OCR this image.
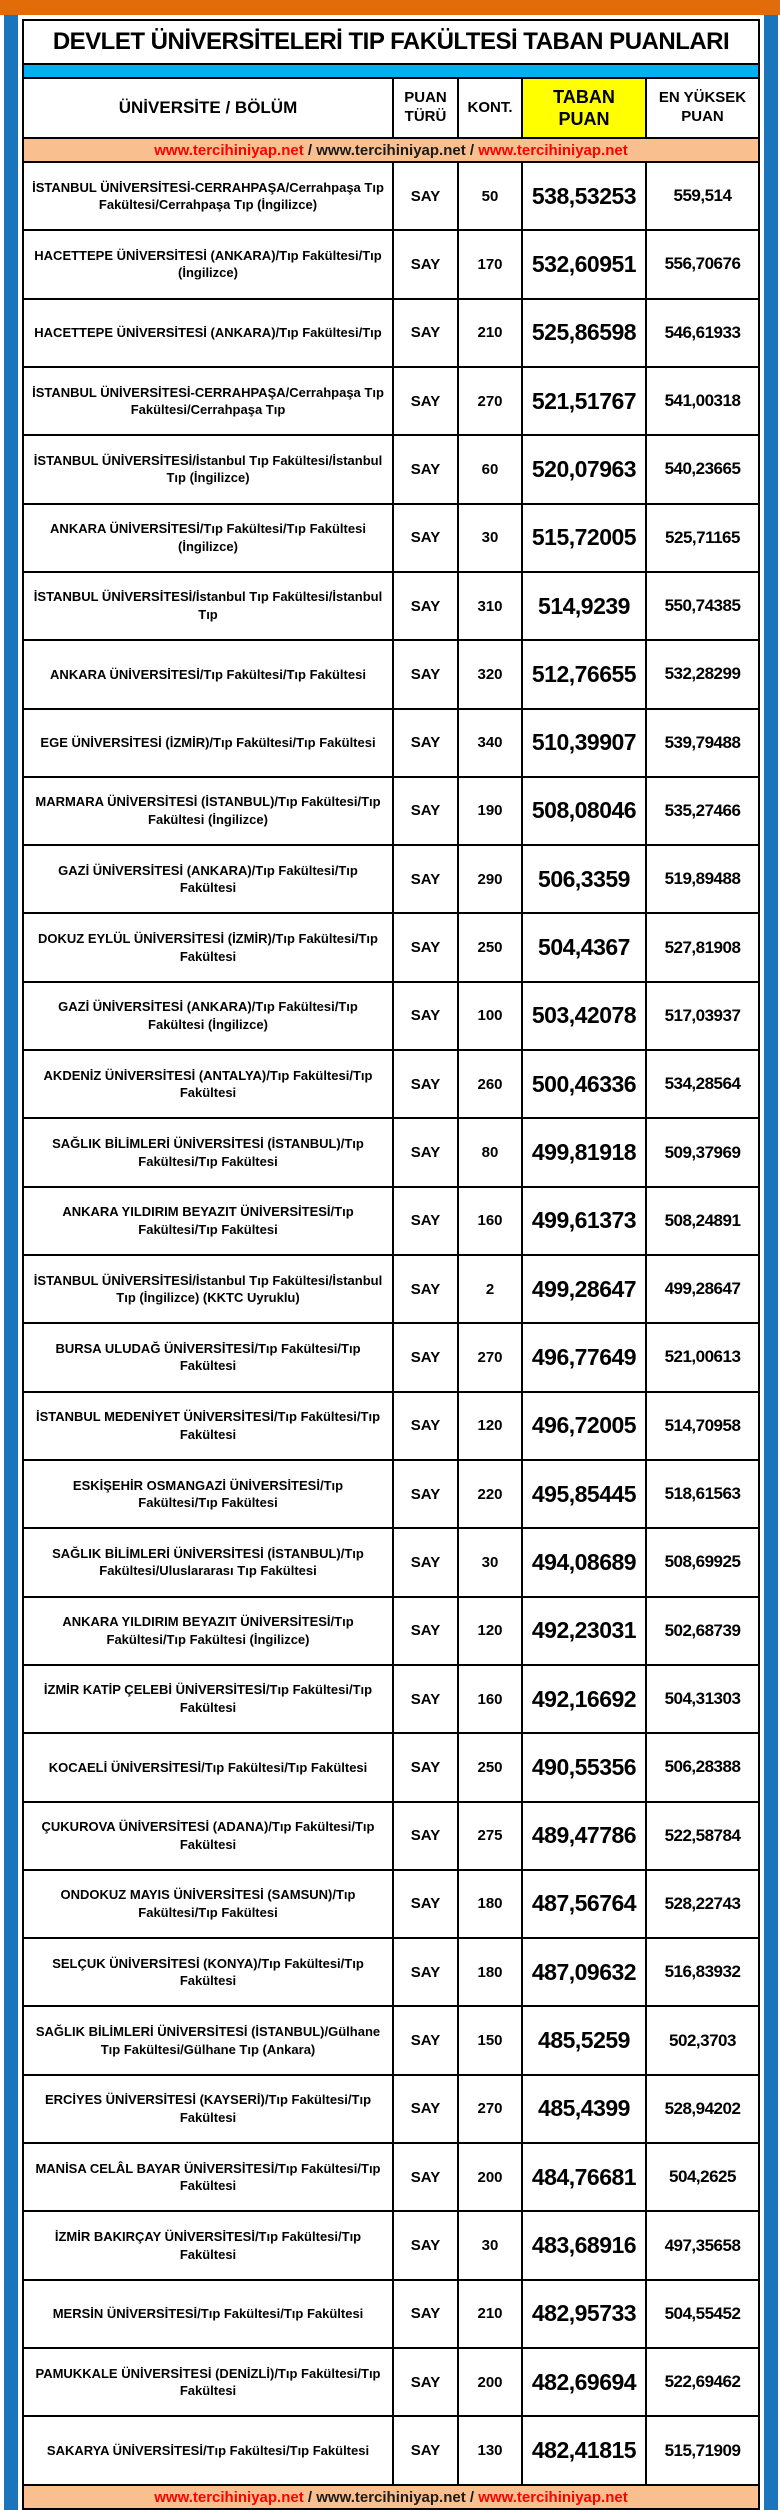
DEVLET ÜNİVERSİTELERİ TIP FAKÜLTESİ TABAN PUANLARI
ÜNİVERSİTE / BÖLÜM	PUAN TÜRÜ	KONT.	TABAN PUAN	EN YÜKSEK PUAN
www.tercihiniyap.net / www.tercihiniyap.net / www.tercihiniyap.net				
İSTANBUL ÜNİVERSİTESİ-CERRAHPAŞA/Cerrahpaşa Tıp Fakültesi/Cerrahpaşa Tıp (İngilizce)	SAY	50	538,53253	559,514
HACETTEPE ÜNİVERSİTESİ (ANKARA)/Tıp Fakültesi/Tıp (İngilizce)	SAY	170	532,60951	556,70676
HACETTEPE ÜNİVERSİTESİ (ANKARA)/Tıp Fakültesi/Tıp	SAY	210	525,86598	546,61933
İSTANBUL ÜNİVERSİTESİ-CERRAHPAŞA/Cerrahpaşa Tıp Fakültesi/Cerrahpaşa Tıp	SAY	270	521,51767	541,00318
İSTANBUL ÜNİVERSİTESİ/İstanbul Tıp Fakültesi/İstanbul Tıp (İngilizce)	SAY	60	520,07963	540,23665
ANKARA ÜNİVERSİTESİ/Tıp Fakültesi/Tıp Fakültesi (İngilizce)	SAY	30	515,72005	525,71165
İSTANBUL ÜNİVERSİTESİ/İstanbul Tıp Fakültesi/İstanbul Tıp	SAY	310	514,9239	550,74385
ANKARA ÜNİVERSİTESİ/Tıp Fakültesi/Tıp Fakültesi	SAY	320	512,76655	532,28299
EGE ÜNİVERSİTESİ (İZMİR)/Tıp Fakültesi/Tıp Fakültesi	SAY	340	510,39907	539,79488
MARMARA ÜNİVERSİTESİ (İSTANBUL)/Tıp Fakültesi/Tıp Fakültesi (İngilizce)	SAY	190	508,08046	535,27466
GAZİ ÜNİVERSİTESİ (ANKARA)/Tıp Fakültesi/Tıp Fakültesi	SAY	290	506,3359	519,89488
DOKUZ EYLÜL ÜNİVERSİTESİ (İZMİR)/Tıp Fakültesi/Tıp Fakültesi	SAY	250	504,4367	527,81908
GAZİ ÜNİVERSİTESİ (ANKARA)/Tıp Fakültesi/Tıp Fakültesi (İngilizce)	SAY	100	503,42078	517,03937
AKDENİZ ÜNİVERSİTESİ (ANTALYA)/Tıp Fakültesi/Tıp Fakültesi	SAY	260	500,46336	534,28564
SAĞLIK BİLİMLERİ ÜNİVERSİTESİ (İSTANBUL)/Tıp Fakültesi/Tıp Fakültesi	SAY	80	499,81918	509,37969
ANKARA YILDIRIM BEYAZIT ÜNİVERSİTESİ/Tıp Fakültesi/Tıp Fakültesi	SAY	160	499,61373	508,24891
İSTANBUL ÜNİVERSİTESİ/İstanbul Tıp Fakültesi/İstanbul Tıp (İngilizce) (KKTC Uyruklu)	SAY	2	499,28647	499,28647
BURSA ULUDAĞ ÜNİVERSİTESİ/Tıp Fakültesi/Tıp Fakültesi	SAY	270	496,77649	521,00613
İSTANBUL MEDENİYET ÜNİVERSİTESİ/Tıp Fakültesi/Tıp Fakültesi	SAY	120	496,72005	514,70958
ESKİŞEHİR OSMANGAZİ ÜNİVERSİTESİ/Tıp Fakültesi/Tıp Fakültesi	SAY	220	495,85445	518,61563
SAĞLIK BİLİMLERİ ÜNİVERSİTESİ (İSTANBUL)/Tıp Fakültesi/Uluslararası Tıp Fakültesi	SAY	30	494,08689	508,69925
ANKARA YILDIRIM BEYAZIT ÜNİVERSİTESİ/Tıp Fakültesi/Tıp Fakültesi (İngilizce)	SAY	120	492,23031	502,68739
İZMİR KATİP ÇELEBİ ÜNİVERSİTESİ/Tıp Fakültesi/Tıp Fakültesi	SAY	160	492,16692	504,31303
KOCAELİ ÜNİVERSİTESİ/Tıp Fakültesi/Tıp Fakültesi	SAY	250	490,55356	506,28388
ÇUKUROVA ÜNİVERSİTESİ (ADANA)/Tıp Fakültesi/Tıp Fakültesi	SAY	275	489,47786	522,58784
ONDOKUZ MAYIS ÜNİVERSİTESİ (SAMSUN)/Tıp Fakültesi/Tıp Fakültesi	SAY	180	487,56764	528,22743
SELÇUK ÜNİVERSİTESİ (KONYA)/Tıp Fakültesi/Tıp Fakültesi	SAY	180	487,09632	516,83932
SAĞLIK BİLİMLERİ ÜNİVERSİTESİ (İSTANBUL)/Gülhane Tıp Fakültesi/Gülhane Tıp (Ankara)	SAY	150	485,5259	502,3703
ERCİYES ÜNİVERSİTESİ (KAYSERİ)/Tıp Fakültesi/Tıp Fakültesi	SAY	270	485,4399	528,94202
MANİSA CELÂL BAYAR ÜNİVERSİTESİ/Tıp Fakültesi/Tıp Fakültesi	SAY	200	484,76681	504,2625
İZMİR BAKIRÇAY ÜNİVERSİTESİ/Tıp Fakültesi/Tıp Fakültesi	SAY	30	483,68916	497,35658
MERSİN ÜNİVERSİTESİ/Tıp Fakültesi/Tıp Fakültesi	SAY	210	482,95733	504,55452
PAMUKKALE ÜNİVERSİTESİ (DENİZLİ)/Tıp Fakültesi/Tıp Fakültesi	SAY	200	482,69694	522,69462
SAKARYA ÜNİVERSİTESİ/Tıp Fakültesi/Tıp Fakültesi	SAY	130	482,41815	515,71909
www.tercihiniyap.net / www.tercihiniyap.net / www.tercihiniyap.net				
